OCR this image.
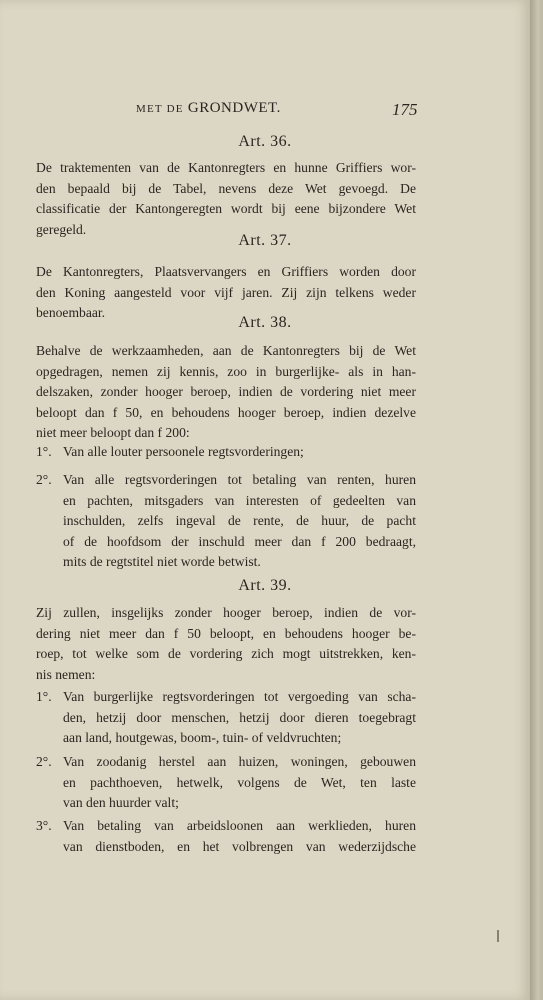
MET DE GRONDWET.	175
Art. 36.
De traktementen van de Kantonregters en hunne Griffiers wor-
den bepaald bij de Tabel, nevens deze Wet gevoegd. De
classificatie der Kantongeregten wordt bij eene bijzondere Wet
geregeld.
Art. 37.
De Kantonregters, Plaatsvervangers en Griffiers worden door
den Koning aangesteld voor vijf jaren. Zij zijn telkens weder
benoembaar.
Art. 38.
Behalve de werkzaamheden, aan de Kantonregters bij de Wet
opgedragen, nemen zij kennis, zoo in burgerlijke- als in han-
delszaken, zonder hooger beroep, indien de vordering niet meer
beloopt dan f 50, en behoudens hooger beroep, indien dezelve
niet meer beloopt dan f 200:
1°. Van alle louter persoonele regtsvorderingen;
2°. Van alle regtsvorderingen tot betaling van renten, huren
en pachten, mitsgaders van interesten of gedeelten van
inschulden, zelfs ingeval de rente, de huur, de pacht
of de hoofdsom der inschuld meer dan f 200 bedraagt,
mits de regtstitel niet worde betwist.
Art. 39.
Zij zullen, insgelijks zonder hooger beroep, indien de vor-
dering niet meer dan f 50 beloopt, en behoudens hooger be-
roep, tot welke som de vordering zich mogt uitstrekken, ken-
nis nemen:
1°. Van burgerlijke regtsvorderingen tot vergoeding van scha-
den, hetzij door menschen, hetzij door dieren toegebragt
aan land, houtgewas, boom-, tuin- of veldvruchten;
2°. Van zoodanig herstel aan huizen, woningen, gebouwen
en pachthoeven, hetwelk, volgens de Wet, ten laste
van den huurder valt;
3°. Van betaling van arbeidsloonen aan werklieden, huren
van dienstboden, en het volbrengen van wederzijdsche
